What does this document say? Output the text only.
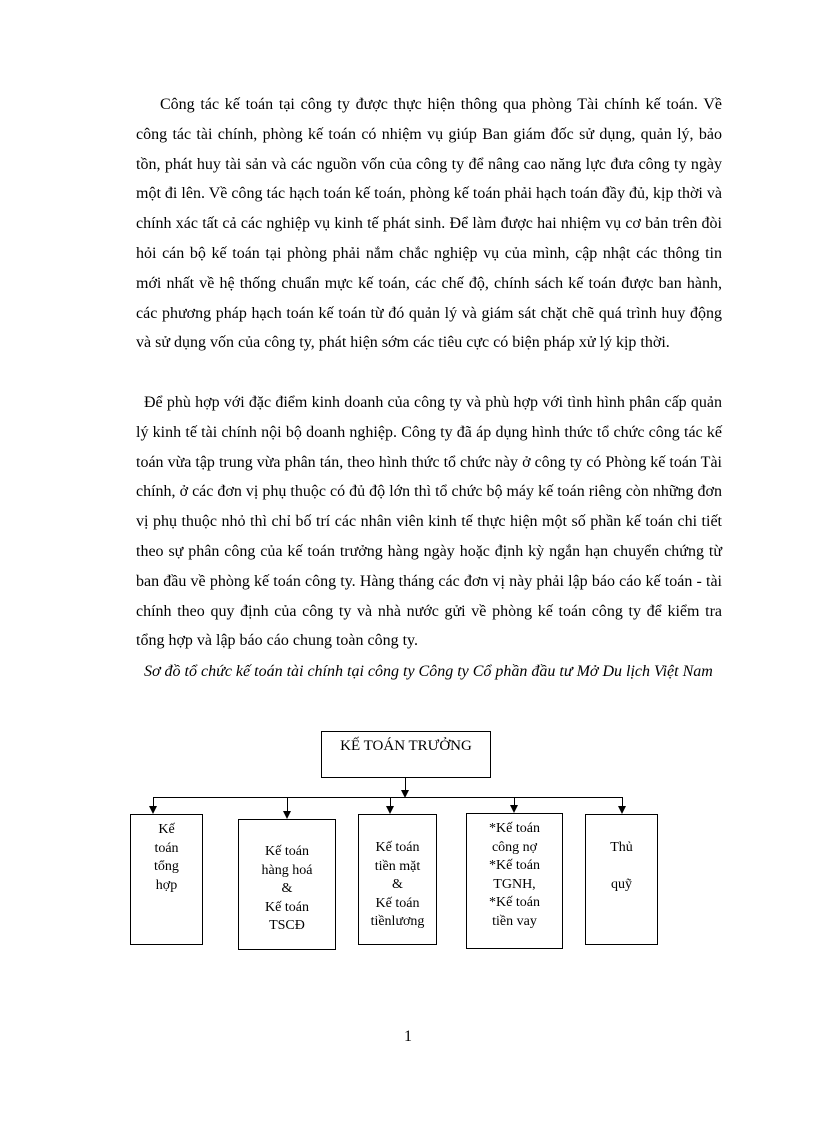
Công tác kế toán tại công ty được thực hiện thông qua phòng Tài chính kế toán. Về công tác tài chính, phòng kế toán có nhiệm vụ giúp Ban giám đốc sử dụng, quản lý, bảo tồn, phát huy tài sản và các nguồn vốn của công ty để nâng cao năng lực đưa công ty ngày một đi lên. Về công tác hạch toán kế toán, phòng kế toán phải hạch toán đầy đủ, kịp thời và chính xác tất cả các nghiệp vụ kinh tế phát sinh. Để làm được hai nhiệm vụ cơ bản trên đòi hỏi cán bộ kế toán tại phòng phải nắm chắc nghiệp vụ của mình, cập nhật các thông tin mới nhất về hệ thống chuẩn mực kế toán, các chế độ, chính sách kế toán được ban hành, các phương pháp hạch toán kế toán từ đó quản lý và giám sát chặt chẽ quá trình huy động và sử dụng vốn của công ty, phát hiện sớm các tiêu cực có biện pháp xử lý kịp thời.

Để phù hợp với đặc điểm kinh doanh của công ty và phù hợp với tình hình phân cấp quản lý kinh tế tài chính nội bộ doanh nghiệp. Công ty đã áp dụng hình thức tổ chức công tác kế toán vừa tập trung vừa phân tán, theo hình thức tổ chức này ở công ty có Phòng kế toán Tài chính, ở các đơn vị phụ thuộc có đủ độ lớn thì tổ chức bộ máy kế toán riêng còn những đơn vị phụ thuộc nhỏ thì chỉ bố trí các nhân viên kinh tế thực hiện một số phần kế toán chi tiết theo sự phân công của kế toán trưởng hàng ngày hoặc định kỳ ngắn hạn chuyển chứng từ ban đầu về phòng kế toán công ty. Hàng tháng các đơn vị này phải lập báo cáo kế toán - tài chính theo quy định của công ty và nhà nước gửi về phòng kế toán công ty để kiểm tra tổng hợp và lập báo cáo chung toàn công ty.

Sơ đồ tổ chức kế toán tài chính tại công ty Công ty Cổ phần đầu tư Mở Du lịch Việt Nam

KẾ TOÁN TRƯỞNG
Kế
toán
tổng
hợp
Kế toán
hàng hoá
&
Kế toán
TSCĐ
Kế toán
tiền mặt
&
Kế toán
tiềnlương
*Kế toán
công nợ
*Kế toán
TGNH,
*Kế toán
tiền vay
Thủ
quỹ
1
